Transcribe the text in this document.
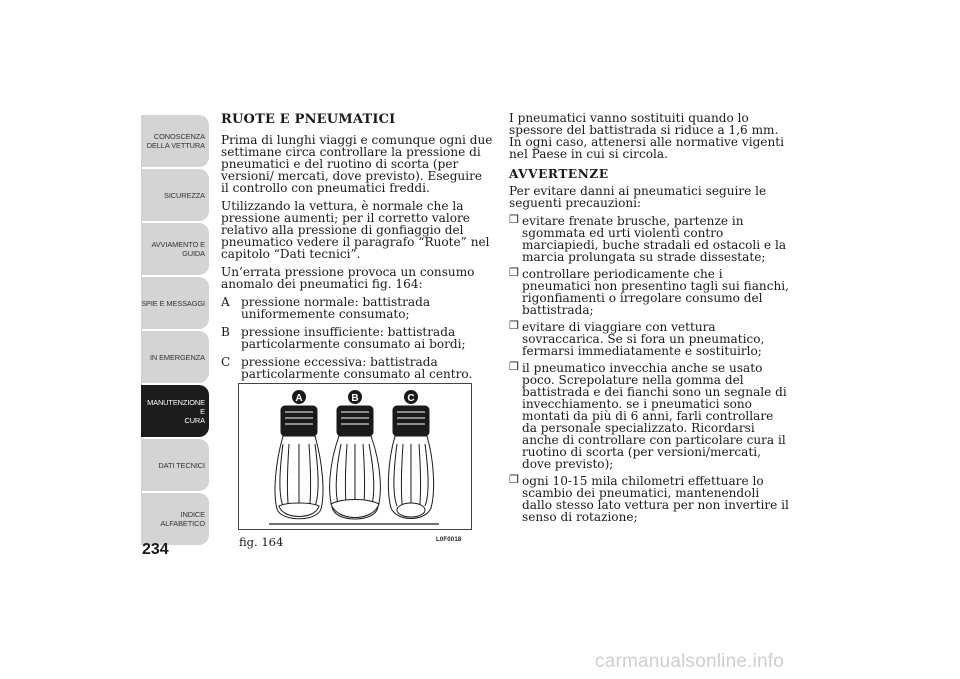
CONOSCENZA
DELLA VETTURA
SICUREZZA
AVVIAMENTO E
GUIDA
SPIE E MESSAGGI
IN EMERGENZA
MANUTENZIONE E
CURA
DATI TECNICI
INDICE
ALFABETICO
234
RUOTE E PNEUMATICI

Prima di lunghi viaggi e comunque ogni due settimane circa controllare la pressione di pneumatici e del ruotino di scorta (per versioni/ mercati, dove previsto). Eseguire il controllo con pneumatici freddi.

Utilizzando la vettura, è normale che la pressione aumenti; per il corretto valore relativo alla pressione di gonfiaggio del pneumatico vedere il paragrafo “Ruote” nel capitolo “Dati tecnici”.

Un’errata pressione provoca un consumo anomalo dei pneumatici fig. 164:

A pressione normale: battistrada uniformemente consumato;
B pressione insufficiente: battistrada particolarmente consumato ai bordi;
C pressione eccessiva: battistrada particolarmente consumato al centro.
A	B	C
fig. 164	L0F0018

I pneumatici vanno sostituiti quando lo spessore del battistrada si riduce a 1,6 mm. In ogni caso, attenersi alle normative vigenti nel Paese in cui si circola.

AVVERTENZE

Per evitare danni ai pneumatici seguire le seguenti precauzioni:

❒ evitare frenate brusche, partenze in sgommata ed urti violenti contro marciapiedi, buche stradali ed ostacoli e la marcia prolungata su strade dissestate;
❒ controllare periodicamente che i pneumatici non presentino tagli sui fianchi, rigonfiamenti o irregolare consumo del battistrada;
❒ evitare di viaggiare con vettura sovraccarica. Se si fora un pneumatico, fermarsi immediatamente e sostituirlo;
❒ il pneumatico invecchia anche se usato poco. Screpolature nella gomma del battistrada e dei fianchi sono un segnale di invecchiamento. se i pneumatici sono montati da più di 6 anni, farli controllare da personale specializzato. Ricordarsi anche di controllare con particolare cura il ruotino di scorta (per versioni/mercati, dove previsto);
❒ ogni 10-15 mila chilometri effettuare lo scambio dei pneumatici, mantenendoli dallo stesso lato vettura per non invertire il senso di rotazione;
carmanualsonline.info
